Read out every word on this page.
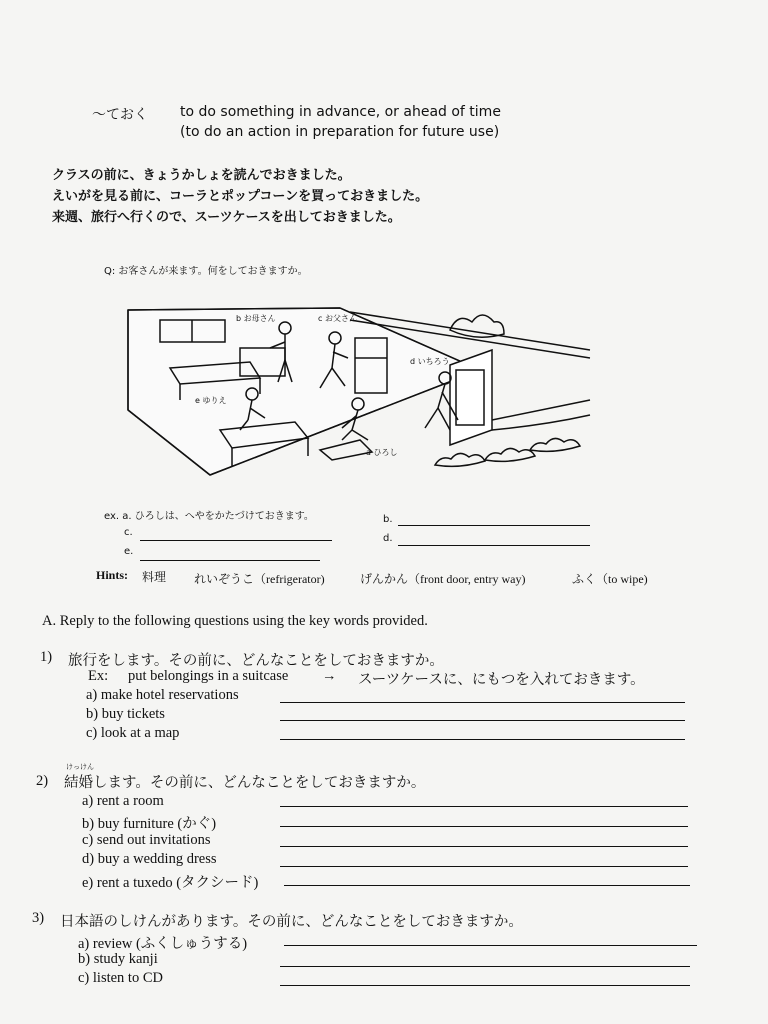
〜ておく to do something in advance, or ahead of time
(to do an action in preparation for future use)
クラスの前に、きょうかしょを読んでおきました。
えいがを見る前に、コーラとポップコーンを買っておきました。
来週、旅行へ行くので、スーツケースを出しておきました。
Q: お客さんが来ます。何をしておきますか。
b お母さん	c お父さん
d いちろう
e ゆりえ
a ひろし
ex. a. ひろしは、へやをかたづけておきます。	b.
c.
d.
e.
Hints: 料理 れいぞうこ（refrigerator)	げんかん（front door, entry way)	ふく（to wipe)
A. Reply to the following questions using the key words provided.
1) 旅行をします。その前に、どんなことをしておきますか。
Ex: put belongings in a suitcase → スーツケースに、にもつを入れておきます。
a) make hotel reservations
b) buy tickets
c) look at a map
けっけん
2) 結婚します。その前に、どんなことをしておきますか。
a) rent a room
b) buy furniture (かぐ)
c) send out invitations
d) buy a wedding dress
e) rent a tuxedo (タクシード)
3) 日本語のしけんがあります。その前に、どんなことをしておきますか。
a) review (ふくしゅうする)
b) study kanji
c) listen to CD
